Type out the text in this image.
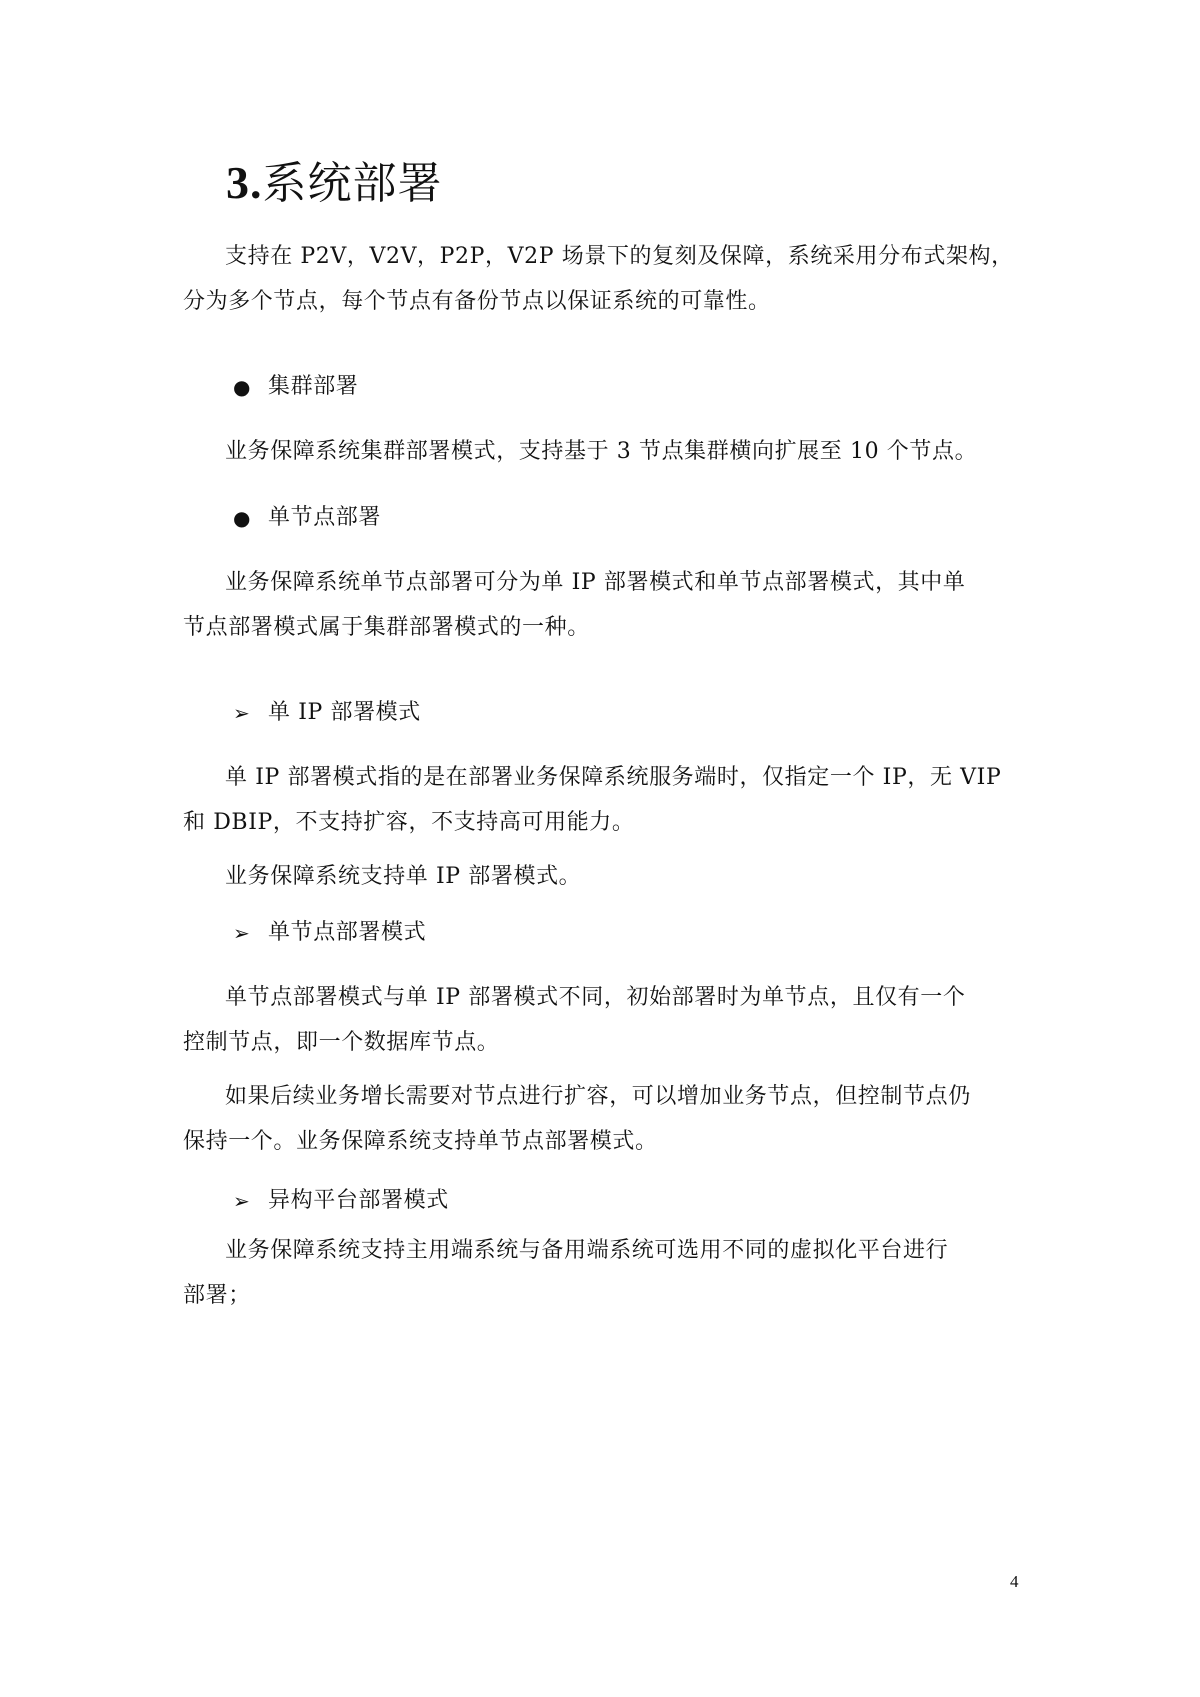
3.系统部署
支持在 P2V，V2V，P2P，V2P 场景下的复刻及保障，系统采用分布式架构，
分为多个节点，每个节点有备份节点以保证系统的可靠性。
● 集群部署
业务保障系统集群部署模式，支持基于 3 节点集群横向扩展至 10 个节点。
● 单节点部署
业务保障系统单节点部署可分为单 IP 部署模式和单节点部署模式，其中单
节点部署模式属于集群部署模式的一种。
➢ 单 IP 部署模式
单 IP 部署模式指的是在部署业务保障系统服务端时，仅指定一个 IP，无 VIP
和 DBIP，不支持扩容，不支持高可用能力。
业务保障系统支持单 IP 部署模式。
➢ 单节点部署模式
单节点部署模式与单 IP 部署模式不同，初始部署时为单节点，且仅有一个
控制节点，即一个数据库节点。
如果后续业务增长需要对节点进行扩容，可以增加业务节点，但控制节点仍
保持一个。业务保障系统支持单节点部署模式。
➢ 异构平台部署模式
业务保障系统支持主用端系统与备用端系统可选用不同的虚拟化平台进行
部署；
4
